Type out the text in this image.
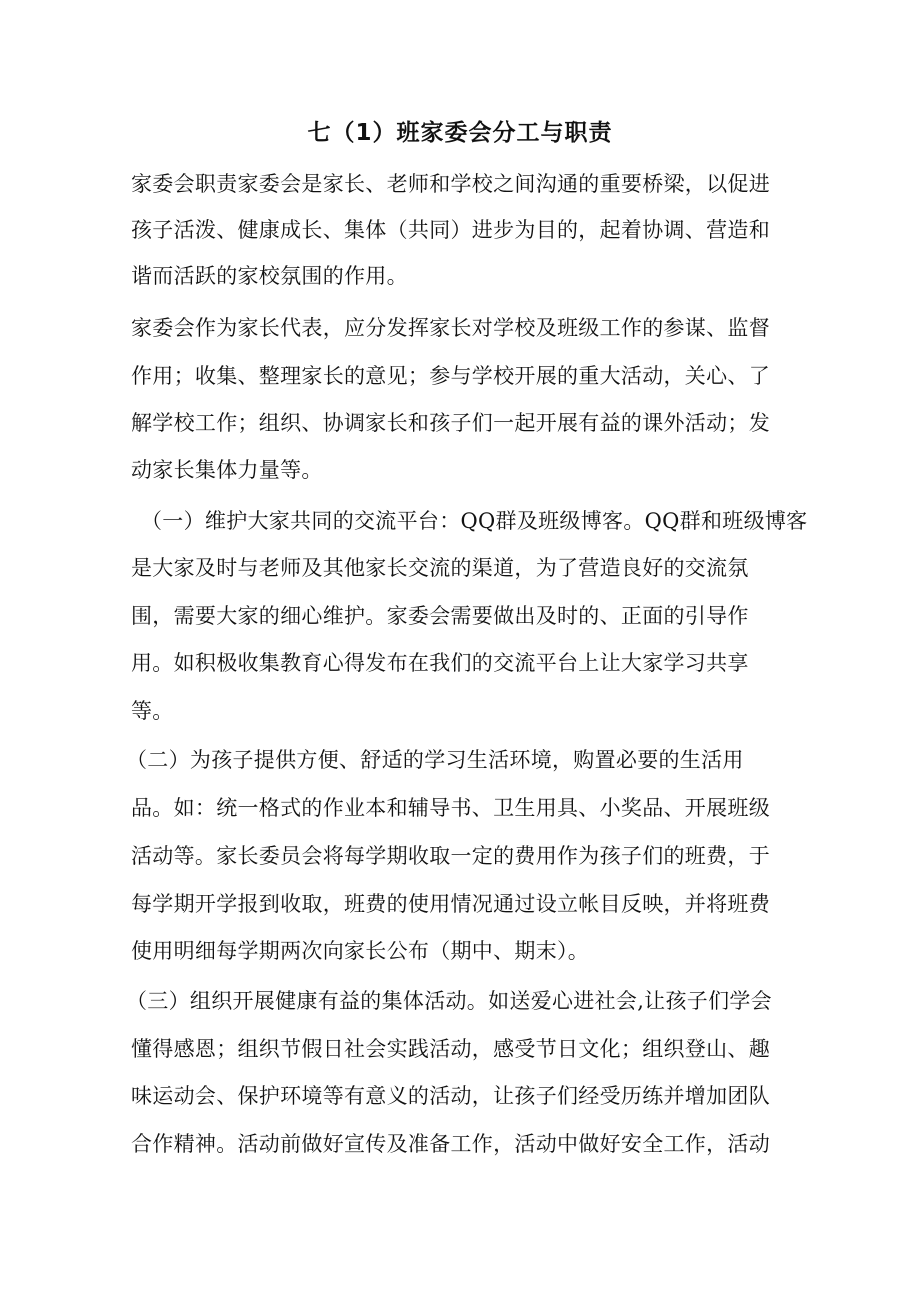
七（1）班家委会分工与职责
家委会职责家委会是家长、老师和学校之间沟通的重要桥梁，以促进
孩子活泼、健康成长、集体（共同）进步为目的，起着协调、营造和
谐而活跃的家校氛围的作用。
家委会作为家长代表，应分发挥家长对学校及班级工作的参谋、监督
作用；收集、整理家长的意见；参与学校开展的重大活动，关心、了
解学校工作；组织、协调家长和孩子们一起开展有益的课外活动；发
动家长集体力量等。
（一）维护大家共同的交流平台：QQ群及班级博客。QQ群和班级博客
是大家及时与老师及其他家长交流的渠道，为了营造良好的交流氛
围，需要大家的细心维护。家委会需要做出及时的、正面的引导作
用。如积极收集教育心得发布在我们的交流平台上让大家学习共享
等。
（二）为孩子提供方便、舒适的学习生活环境，购置必要的生活用
品。如：统一格式的作业本和辅导书、卫生用具、小奖品、开展班级
活动等。家长委员会将每学期收取一定的费用作为孩子们的班费，于
每学期开学报到收取，班费的使用情况通过设立帐目反映，并将班费
使用明细每学期两次向家长公布（期中、期末）。
（三）组织开展健康有益的集体活动。如送爱心进社会,让孩子们学会
懂得感恩；组织节假日社会实践活动，感受节日文化；组织登山、趣
味运动会、保护环境等有意义的活动，让孩子们经受历练并增加团队
合作精神。活动前做好宣传及准备工作，活动中做好安全工作，活动
